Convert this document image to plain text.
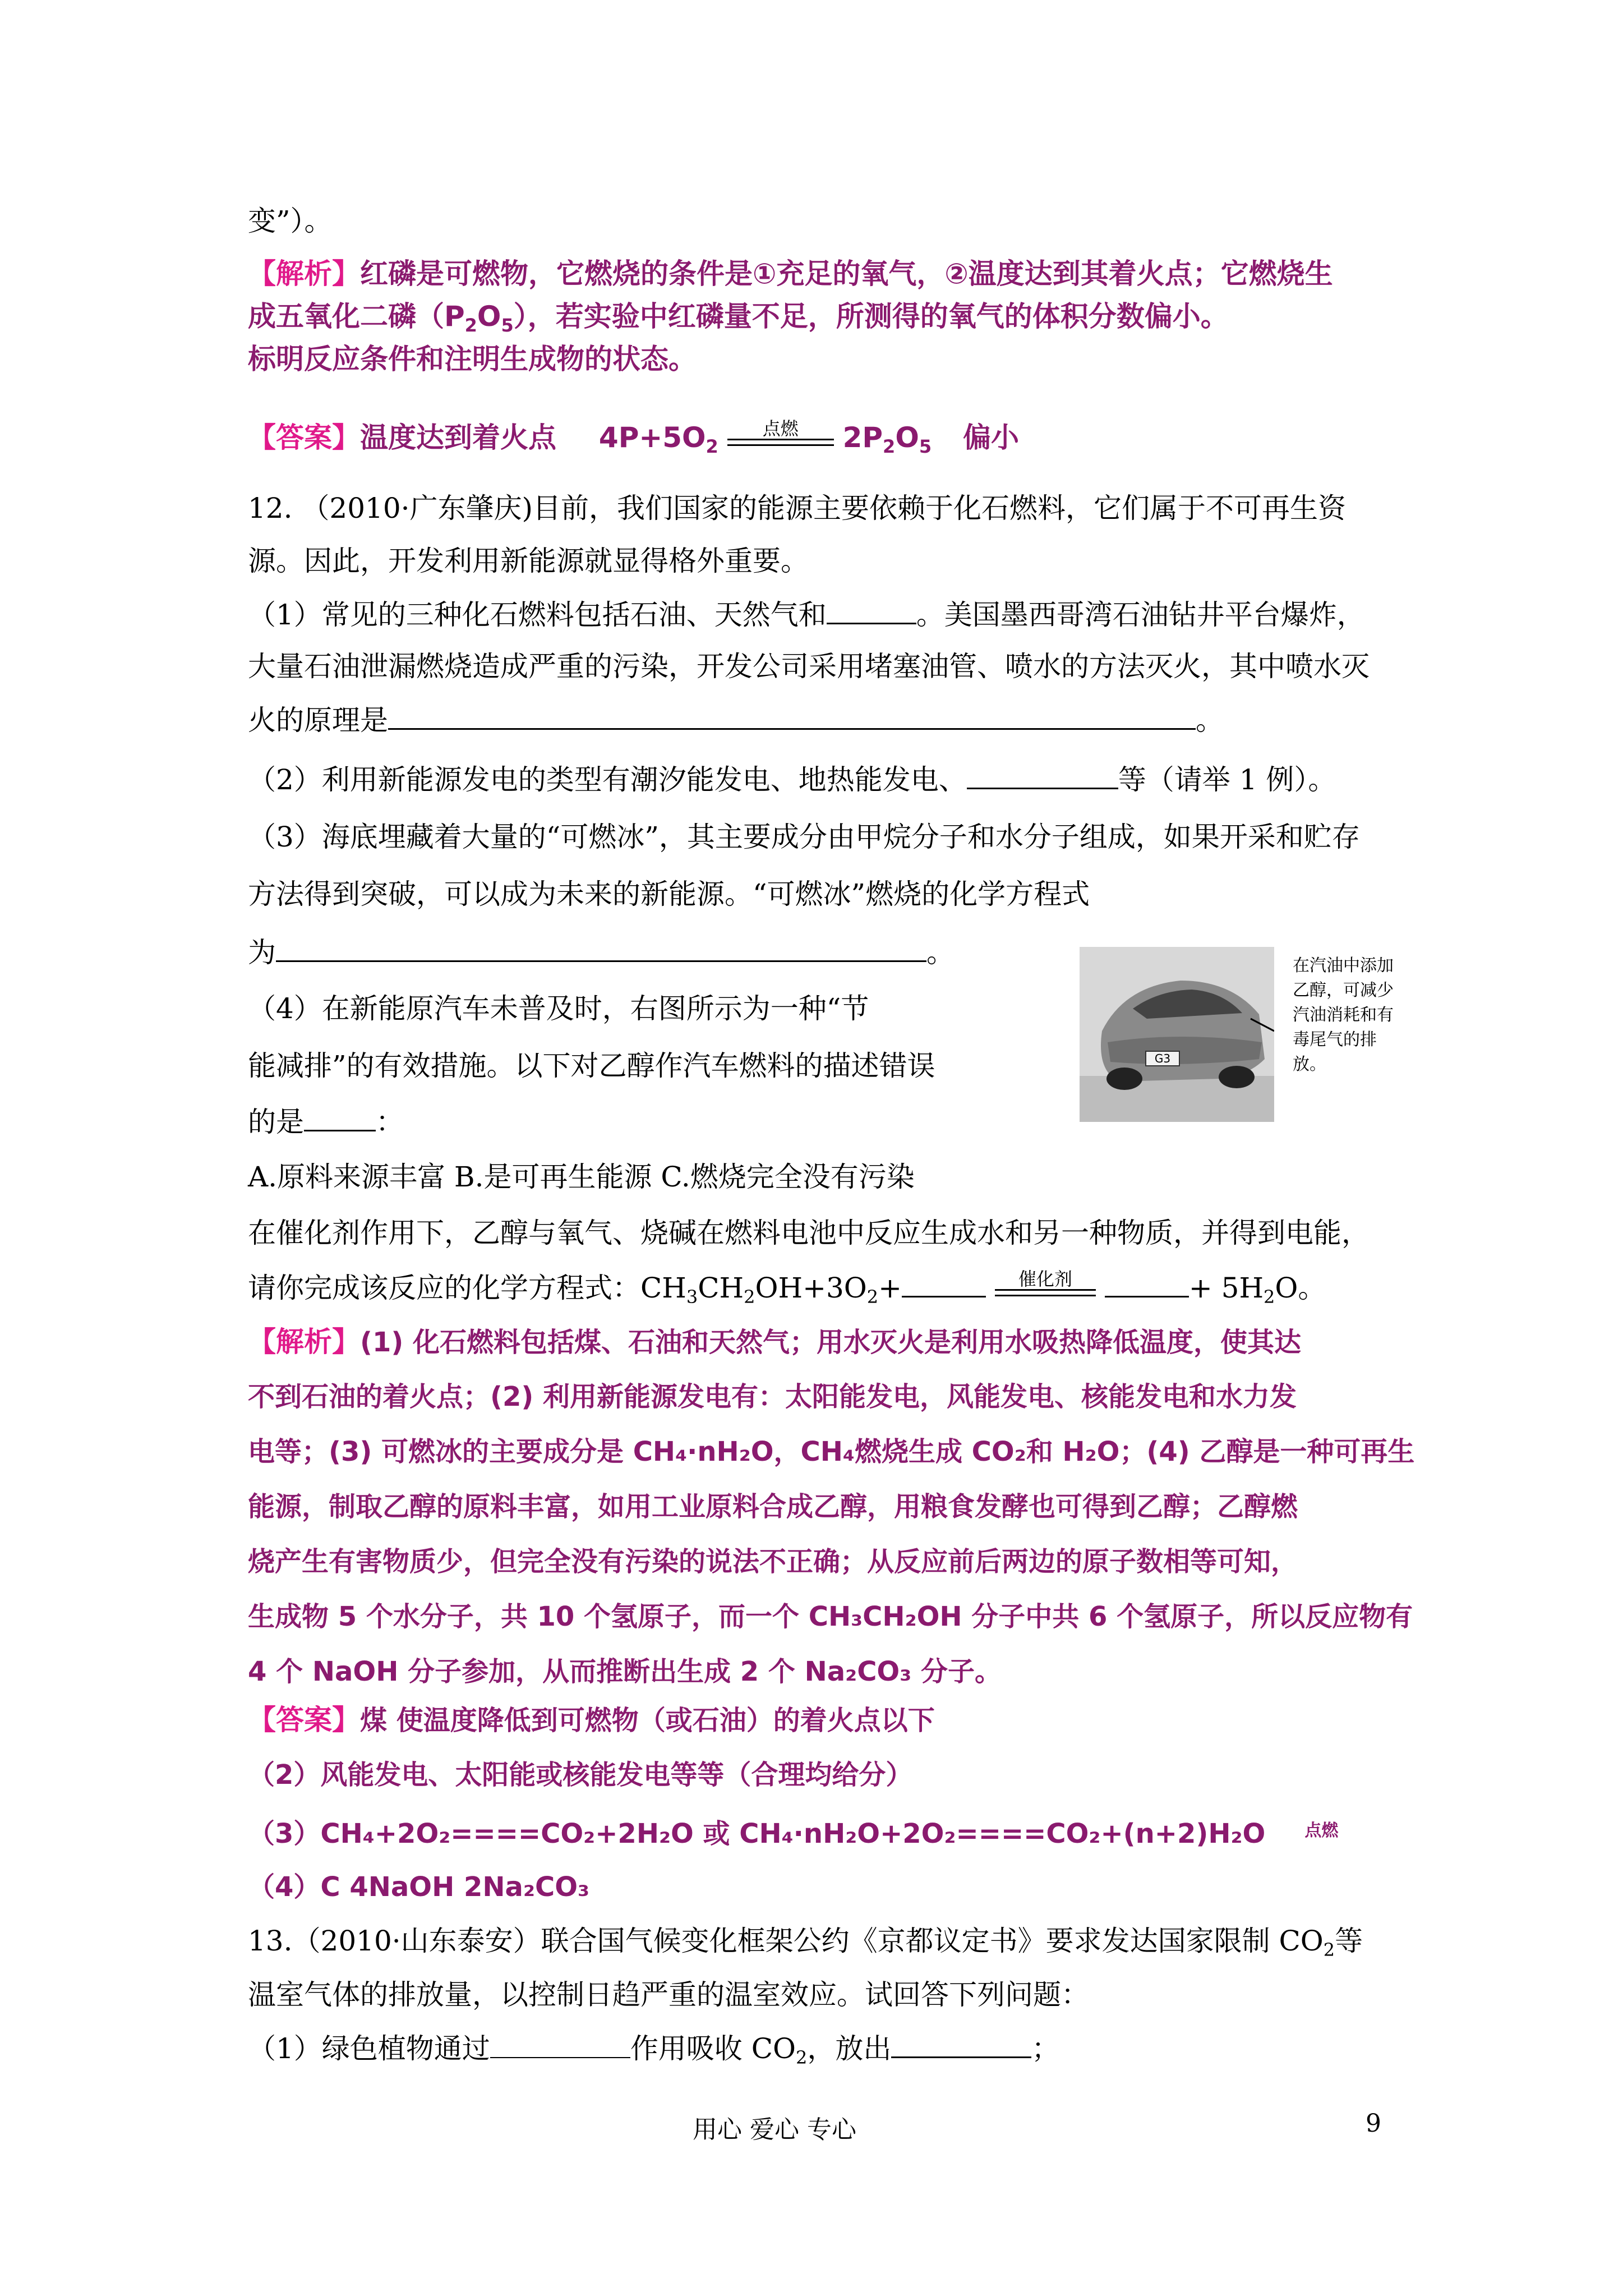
变”）。
【解析】红磷是可燃物，它燃烧的条件是①充足的氧气，②温度达到其着火点；它燃烧生
成五氧化二磷$(P_2O_5)$，若实验中红磷量不足，所测得的氧气的体积分数偏小。
标明反应条件和注明生成物的状态。
【答案】温度达到着火点 $4P+5O_2$
点燃	$2P_2O_5$ 偏小
12. （2010·广东肇庆)目前，我们国家的能源主要依赖于化石燃料，它们属于不可再生资
源。因此，开发利用新能源就显得格外重要。
（1）常见的三种化石燃料包括石油、天然气和	。美国墨西哥湾石油钻井平台爆炸，
大量石油泄漏燃烧造成严重的污染，开发公司采用堵塞油管、喷水的方法灭火，其中喷水灭
火的原理是	。
（2）利用新能源发电的类型有潮汐能发电、地热能发电、	等（请举 1 例）。
（3）海底埋藏着大量的“可燃冰”，其主要成分由甲烷分子和水分子组成，如果开采和贮存
方法得到突破，可以成为未来的新能源。“可燃冰”燃烧的化学方程式
为	。
（4）在新能原汽车未普及时，右图所示为一种“节
能减排”的有效措施。以下对乙醇作汽车燃料的描述错误
的是	：
A.原料来源丰富 B.是可再生能源 C.燃烧完全没有污染
在催化剂作用下，乙醇与氧气、烧碱在燃料电池中反应生成水和另一种物质，并得到电能，
请你完成该反应的化学方程式：$CH_3CH_2OH+3O_2+$	催化剂	+ $5H_2O$。
G3
在汽油中添加乙醇，可减少汽油消耗和有毒尾气的排放。
【解析】(1) 化石燃料包括煤、石油和天然气；用水灭火是利用水吸热降低温度，使其达
不到石油的着火点；(2) 利用新能源发电有：太阳能发电，风能发电、核能发电和水力发
电等；(3) 可燃冰的主要成分是 CH₄·nH₂O，CH₄燃烧生成 CO₂和 H₂O；(4) 乙醇是一种可再生
能源，制取乙醇的原料丰富，如用工业原料合成乙醇，用粮食发酵也可得到乙醇；乙醇燃
烧产生有害物质少，但完全没有污染的说法不正确；从反应前后两边的原子数相等可知，
生成物 5 个水分子，共 10 个氢原子，而一个 CH₃CH₂OH 分子中共 6 个氢原子，所以反应物有
4 个 NaOH 分子参加，从而推断出生成 2 个 Na₂CO₃ 分子。
【答案】煤 使温度降低到可燃物（或石油）的着火点以下
（2）风能发电、太阳能或核能发电等等（合理均给分）
（3）CH₄+2O₂====CO₂+2H₂O 或 CH₄·nH₂O+2O₂====CO₂+(n+2)H₂O $^{点燃}$
（4）C 4NaOH 2Na₂CO₃
13.（2010·山东泰安）联合国气候变化框架公约《京都议定书》要求发达国家限制 $CO_2$等
温室气体的排放量，以控制日趋严重的温室效应。试回答下列问题：
（1）绿色植物通过	作用吸收 $CO_2$，放出	；
用心 爱心 专心	9
